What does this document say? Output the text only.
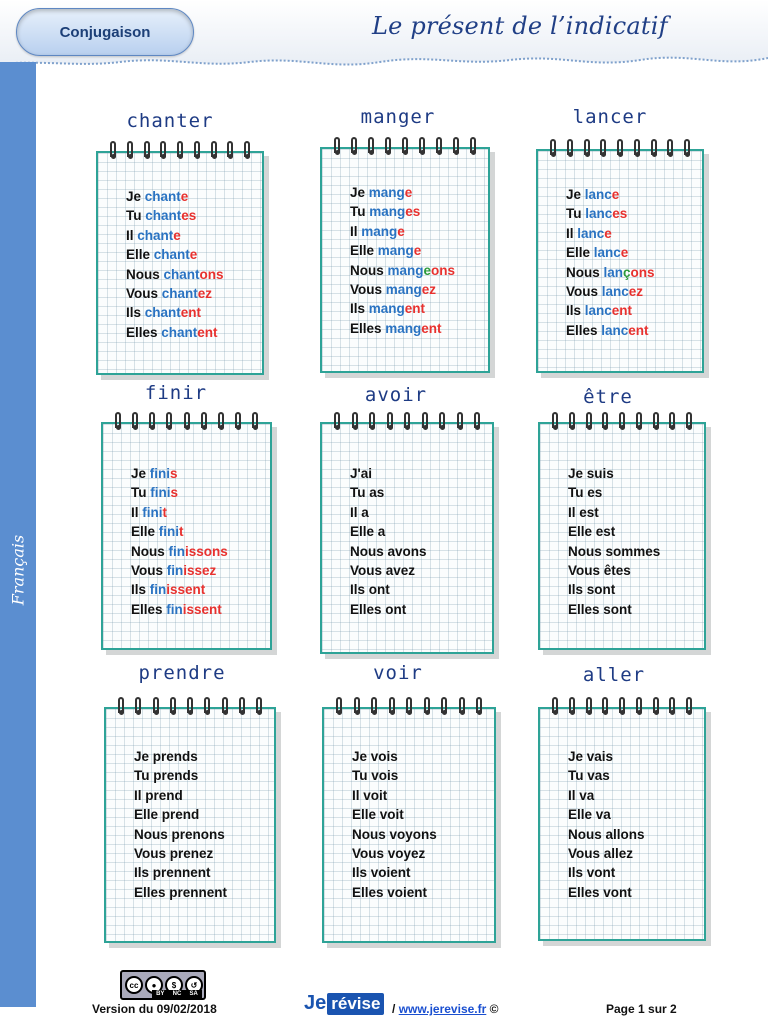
Conjugaison	Le présent de l’indicatif
Français
chanter
Je chante
Tu chantes
Il chante
Elle chante
Nous chantons
Vous chantez
Ils chantent
Elles chantent
manger
Je mange
Tu manges
Il mange
Elle mange
Nous mangeons
Vous mangez
Ils mangent
Elles mangent
lancer
Je lance
Tu lances
Il lance
Elle lance
Nous lançons
Vous lancez
Ils lancent
Elles lancent
finir
Je finis
Tu finis
Il finit
Elle finit
Nous finissons
Vous finissez
Ils finissent
Elles finissent
avoir
J'ai
Tu as
Il a
Elle a
Nous avons
Vous avez
Ils ont
Elles ont
être
Je suis
Tu es
Il est
Elle est
Nous sommes
Vous êtes
Ils sont
Elles sont
prendre
Je prends
Tu prends
Il prend
Elle prend
Nous prenons
Vous prenez
Ils prennent
Elles prennent
voir
Je vois
Tu vois
Il voit
Elle voit
Nous voyons
Vous voyez
Ils voient
Elles voient
aller
Je vais
Tu vas
Il va
Elle va
Nous allons
Vous allez
Ils vont
Elles vont
cc	●	$	↺
BY NC SA
Version du 09/02/2018	Je révise / www.jerevise.fr ©	Page 1 sur 2
